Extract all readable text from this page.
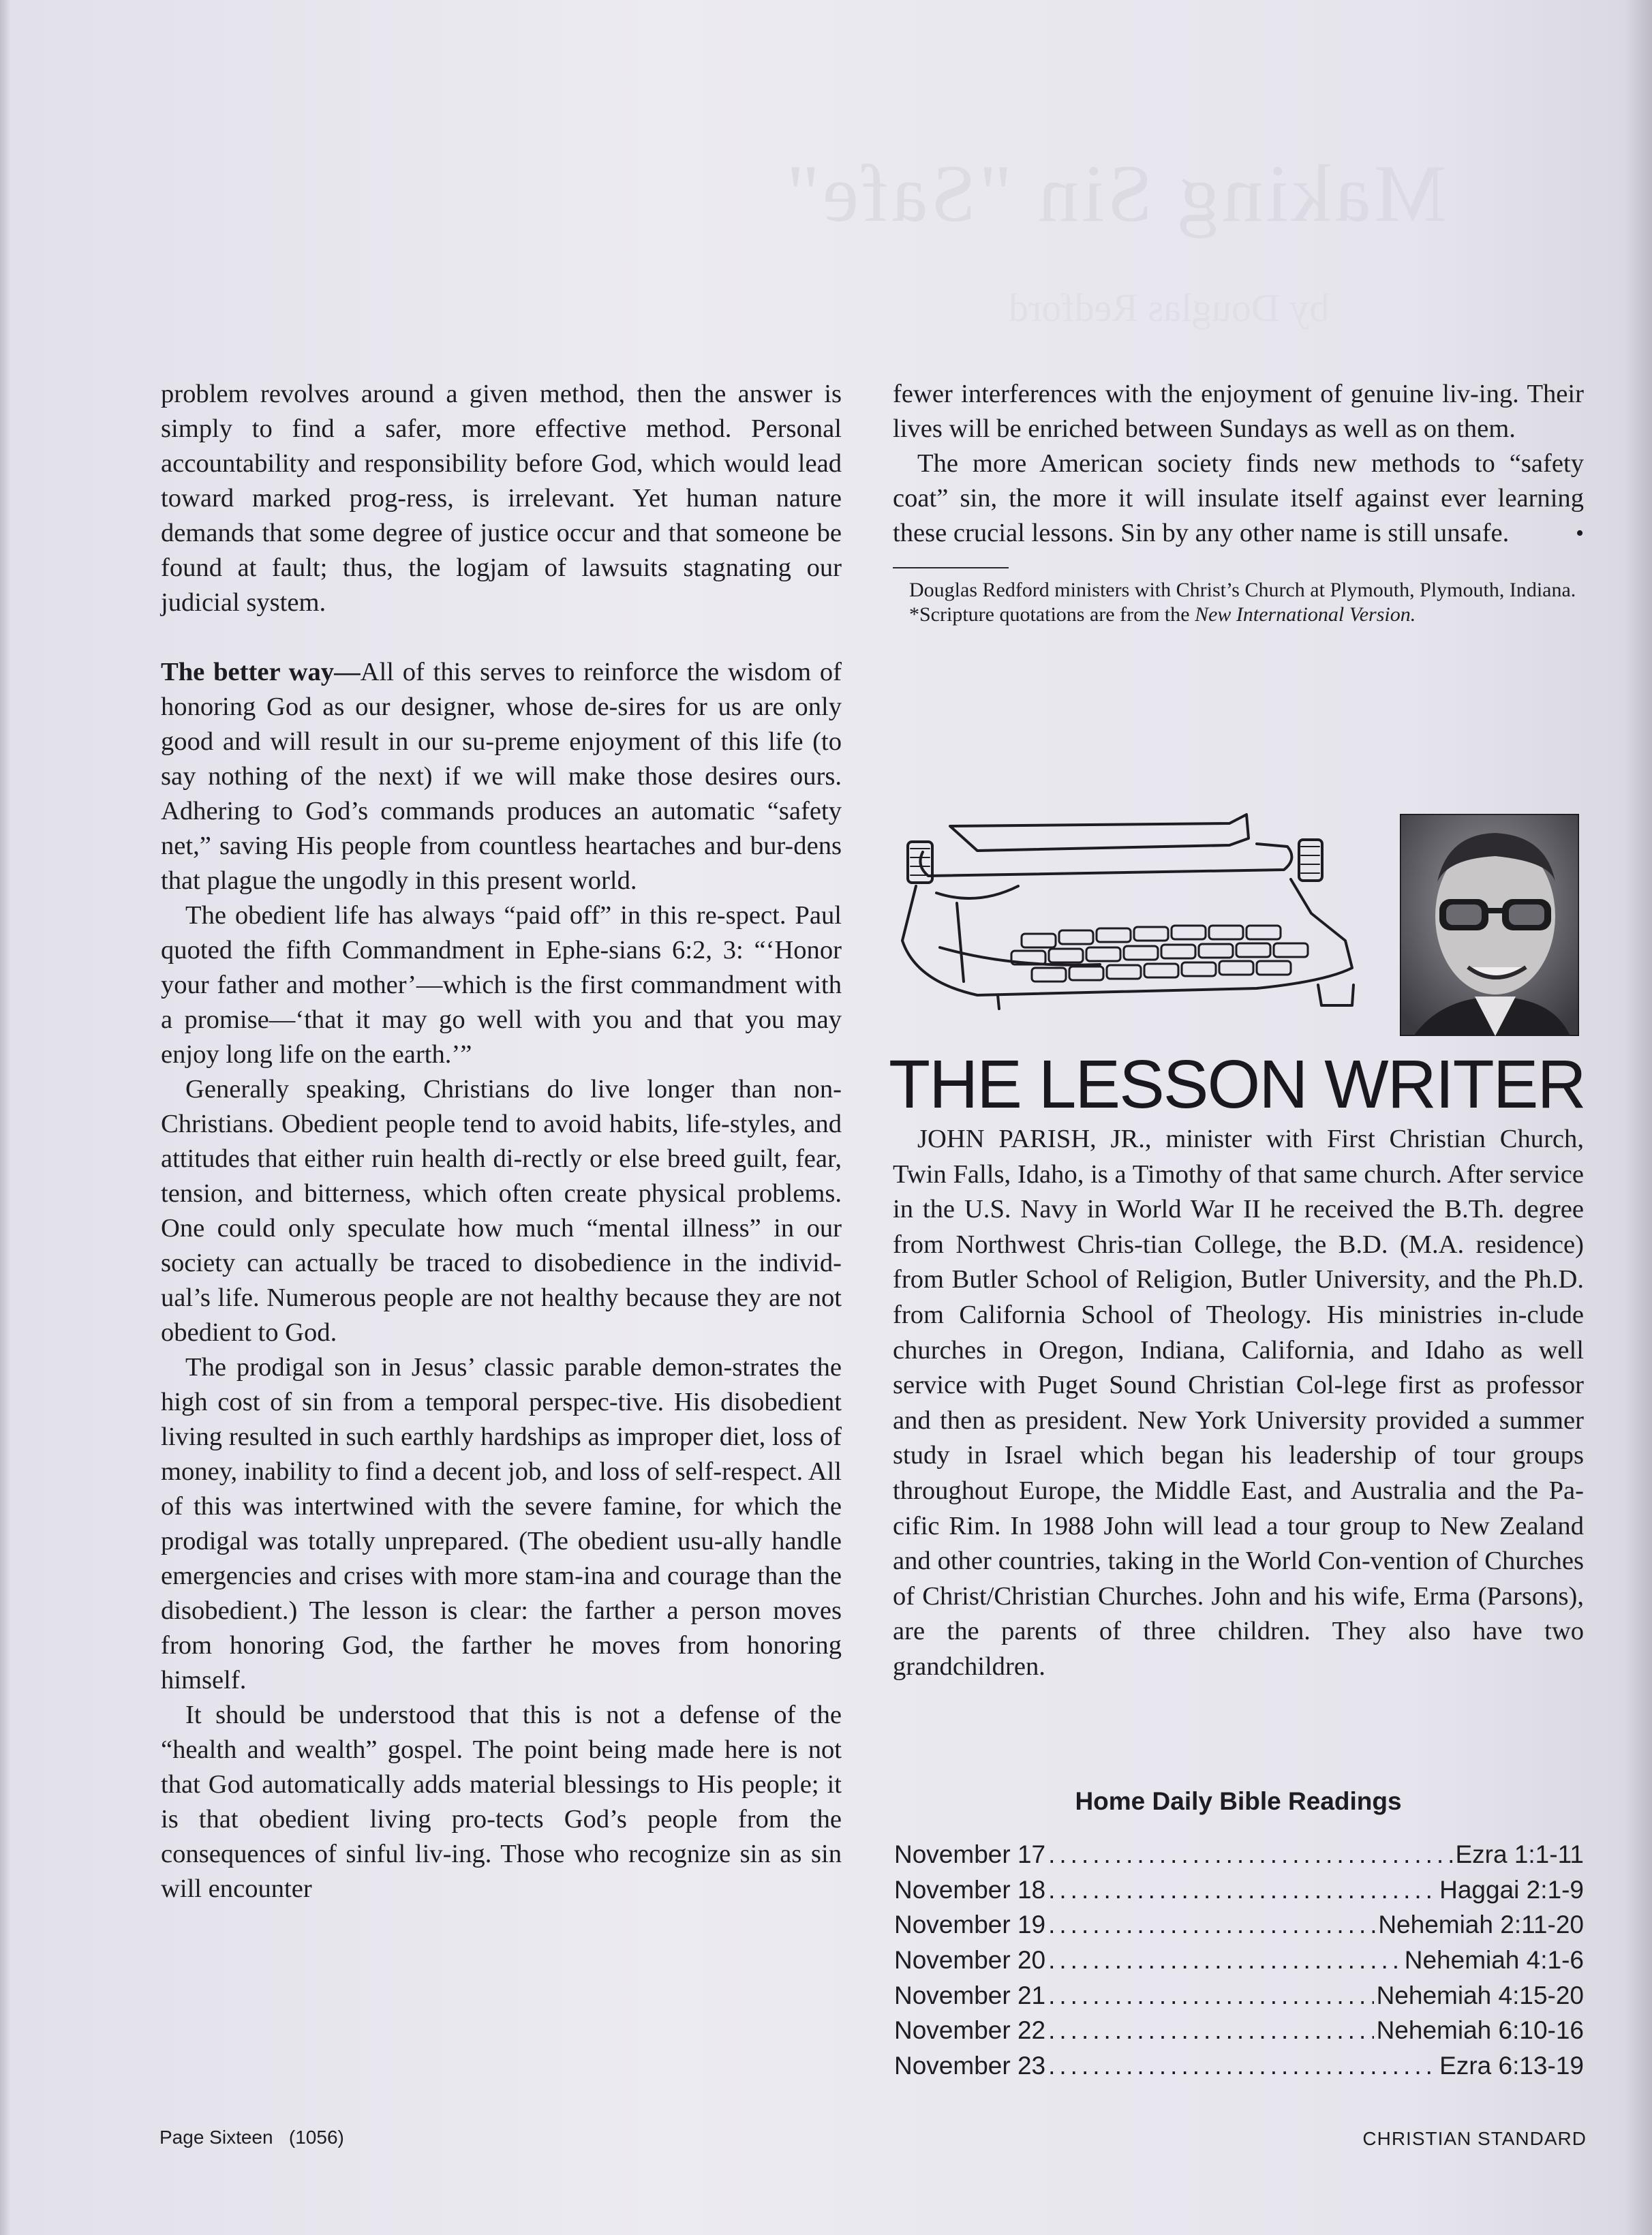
Making Sin "Safe"
by Douglas Redford

problem revolves around a given method, then the answer is simply to find a safer, more effective method. Personal accountability and responsibility before God, which would lead toward marked prog-ress, is irrelevant. Yet human nature demands that some degree of justice occur and that someone be found at fault; thus, the logjam of lawsuits stagnating our judicial system.

The better way—All of this serves to reinforce the wisdom of honoring God as our designer, whose de-sires for us are only good and will result in our su-preme enjoyment of this life (to say nothing of the next) if we will make those desires ours. Adhering to God’s commands produces an automatic “safety net,” saving His people from countless heartaches and bur-dens that plague the ungodly in this present world.

The obedient life has always “paid off” in this re-spect. Paul quoted the fifth Commandment in Ephe-sians 6:2, 3: “‘Honor your father and mother’—which is the first commandment with a promise—‘that it may go well with you and that you may enjoy long life on the earth.’”

Generally speaking, Christians do live longer than non-Christians. Obedient people tend to avoid habits, life-styles, and attitudes that either ruin health di-rectly or else breed guilt, fear, tension, and bitterness, which often create physical problems. One could only speculate how much “mental illness” in our society can actually be traced to disobedience in the individ-ual’s life. Numerous people are not healthy because they are not obedient to God.

The prodigal son in Jesus’ classic parable demon-strates the high cost of sin from a temporal perspec-tive. His disobedient living resulted in such earthly hardships as improper diet, loss of money, inability to find a decent job, and loss of self-respect. All of this was intertwined with the severe famine, for which the prodigal was totally unprepared. (The obedient usu-ally handle emergencies and crises with more stam-ina and courage than the disobedient.) The lesson is clear: the farther a person moves from honoring God, the farther he moves from honoring himself.

It should be understood that this is not a defense of the “health and wealth” gospel. The point being made here is not that God automatically adds material blessings to His people; it is that obedient living pro-tects God’s people from the consequences of sinful liv-ing. Those who recognize sin as sin will encounter

fewer interferences with the enjoyment of genuine liv-ing. Their lives will be enriched between Sundays as well as on them.

The more American society finds new methods to “safety coat” sin, the more it will insulate itself against ever learning these crucial lessons. Sin by any other name is still unsafe.	•

Douglas Redford ministers with Christ’s Church at Plymouth, Plymouth, Indiana.

*Scripture quotations are from the New International Version.

THE LESSON WRITER

JOHN PARISH, JR., minister with First Christian Church, Twin Falls, Idaho, is a Timothy of that same church. After service in the U.S. Navy in World War II he received the B.Th. degree from Northwest Chris-tian College, the B.D. (M.A. residence) from Butler School of Religion, Butler University, and the Ph.D. from California School of Theology. His ministries in-clude churches in Oregon, Indiana, California, and Idaho as well service with Puget Sound Christian Col-lege first as professor and then as president. New York University provided a summer study in Israel which began his leadership of tour groups throughout Europe, the Middle East, and Australia and the Pa-cific Rim. In 1988 John will lead a tour group to New Zealand and other countries, taking in the World Con-vention of Churches of Christ/Christian Churches. John and his wife, Erma (Parsons), are the parents of three children. They also have two grandchildren.

Home Daily Bible Readings
November 17 .....	Ezra 1:1-11
November 18 .....	Haggai 2:1-9
November 19 .....	Nehemiah 2:11-20
November 20 .....	Nehemiah 4:1-6
November 21 .....	Nehemiah 4:15-20
November 22 .....	Nehemiah 6:10-16
November 23 .....	Ezra 6:13-19
Page Sixteen   (1056)	CHRISTIAN STANDARD
